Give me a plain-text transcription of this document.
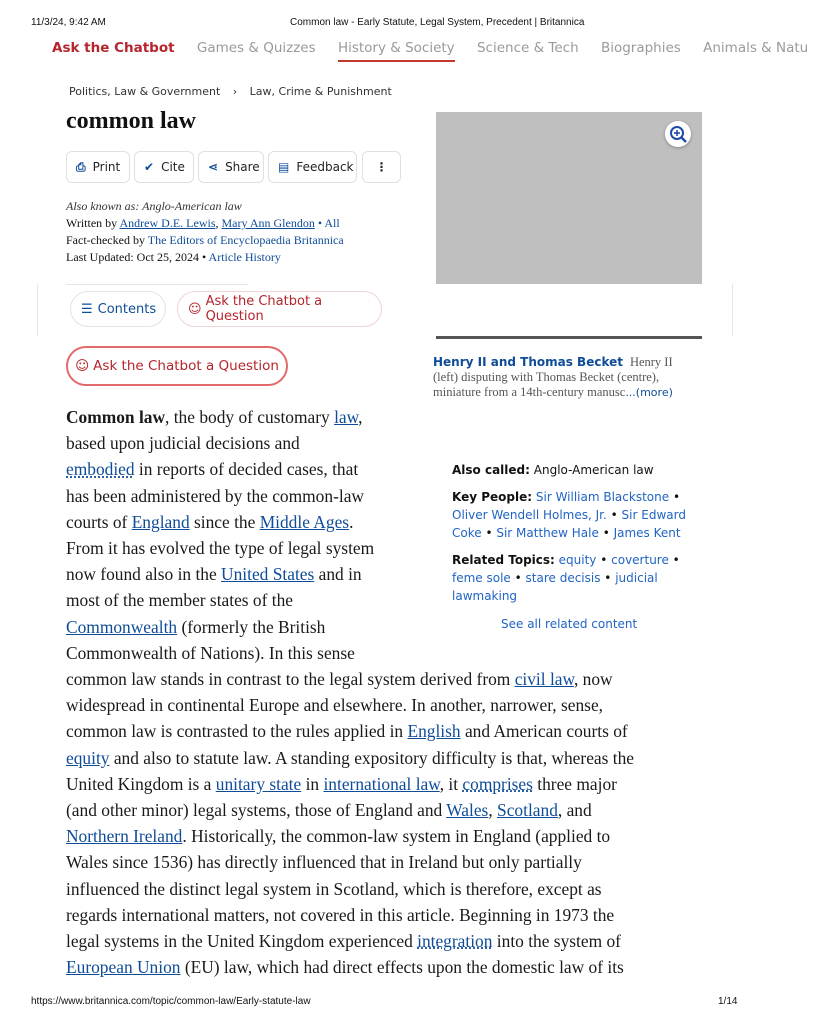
11/3/24, 9:42 AM	Common law - Early Statute, Legal System, Precedent | Britannica
Ask the Chatbot Games & Quizzes History & Society Science & Tech Biographies Animals & Natu
Politics, Law & Government › Law, Crime & Punishment
common law
⎙ Print ✔ Cite ⋖ Share ▤ Feedback ⋮
Also known as: Anglo-American law
Written by Andrew D.E. Lewis, Mary Ann Glendon • All
Fact-checked by The Editors of Encyclopaedia Britannica
Last Updated: Oct 25, 2024 • Article History
☰ Contents ☺ Ask the Chatbot a Question
☺ Ask the Chatbot a Question	Henry II and Thomas Becket Henry II
(left) disputing with Thomas Becket (centre),
miniature from a 14th-century manusc...(more)
Also called: Anglo-American law
Key People: Sir William Blackstone • Oliver Wendell Holmes, Jr. • Sir Edward Coke • Sir Matthew Hale • James Kent
Related Topics: equity • coverture • feme sole • stare decisis • judicial lawmaking
See all related content
Common law, the body of customary law,
based upon judicial decisions and
embodied in reports of decided cases, that
has been administered by the common-law
courts of England since the Middle Ages.
From it has evolved the type of legal system
now found also in the United States and in
most of the member states of the
Commonwealth (formerly the British
Commonwealth of Nations). In this sense
common law stands in contrast to the legal system derived from civil law, now
widespread in continental Europe and elsewhere. In another, narrower, sense,
common law is contrasted to the rules applied in English and American courts of
equity and also to statute law. A standing expository difficulty is that, whereas the
United Kingdom is a unitary state in international law, it comprises three major
(and other minor) legal systems, those of England and Wales, Scotland, and
Northern Ireland. Historically, the common-law system in England (applied to
Wales since 1536) has directly influenced that in Ireland but only partially
influenced the distinct legal system in Scotland, which is therefore, except as
regards international matters, not covered in this article. Beginning in 1973 the
legal systems in the United Kingdom experienced integration into the system of
European Union (EU) law, which had direct effects upon the domestic law of its
https://www.britannica.com/topic/common-law/Early-statute-law	1/14
